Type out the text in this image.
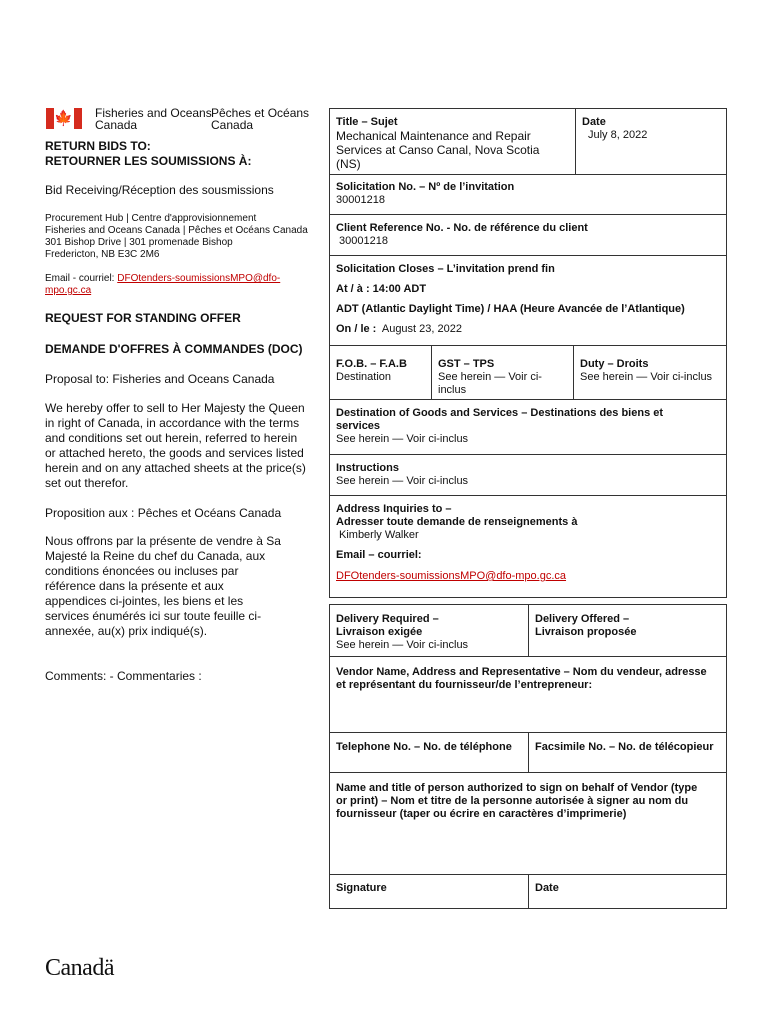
🍁 Fisheries and Oceans
Canada
Pêches et Océans
Canada
RETURN BIDS TO:
RETOURNER LES SOUMISSIONS À:
Bid Receiving/Réception des sousmissions
Procurement Hub | Centre d'approvisionnement
Fisheries and Oceans Canada | Pêches et Océans Canada
301 Bishop Drive | 301 promenade Bishop
Fredericton, NB E3C 2M6
Email - courriel: DFOtenders-soumissionsMPO@dfo-
mpo.gc.ca
REQUEST FOR STANDING OFFER
DEMANDE D'OFFRES À COMMANDES (DOC)
Proposal to: Fisheries and Oceans Canada
We hereby offer to sell to Her Majesty the Queen
in right of Canada, in accordance with the terms
and conditions set out herein, referred to herein
or attached hereto, the goods and services listed
herein and on any attached sheets at the price(s)
set out therefor.
Proposition aux : Pêches et Océans Canada
Nous offrons par la présente de vendre à Sa
Majesté la Reine du chef du Canada, aux
conditions énoncées ou incluses par
référence dans la présente et aux
appendices ci-jointes, les biens et les
services énumérés ici sur toute feuille ci-
annexée, au(x) prix indiqué(s).
Comments: - Commentaries :
Title – Sujet
Mechanical Maintenance and Repair
Services at Canso Canal, Nova Scotia
(NS)
Date
July 8, 2022
Solicitation No. – Nº de l’invitation
30001218
Client Reference No. - No. de référence du client
30001218
Solicitation Closes – L’invitation prend fin
At / à : 14:00 ADT
ADT (Atlantic Daylight Time) / HAA (Heure Avancée de l’Atlantique)
On / le : August 23, 2022
F.O.B. – F.A.B
Destination
GST – TPS
See herein — Voir ci-
inclus
Duty – Droits
See herein — Voir ci-inclus
Destination of Goods and Services – Destinations des biens et
services
See herein — Voir ci-inclus
Instructions
See herein — Voir ci-inclus
Address Inquiries to –
Adresser toute demande de renseignements à
Kimberly Walker
Email – courriel:
DFOtenders-soumissionsMPO@dfo-mpo.gc.ca
Delivery Required –
Livraison exigée
See herein — Voir ci-inclus
Delivery Offered –
Livraison proposée
Vendor Name, Address and Representative – Nom du vendeur, adresse
et représentant du fournisseur/de l’entrepreneur:
Telephone No. – No. de téléphone	Facsimile No. – No. de télécopieur
Name and title of person authorized to sign on behalf of Vendor (type
or print) – Nom et titre de la personne autorisée à signer au nom du
fournisseur (taper ou écrire en caractères d’imprimerie)
Signature	Date
Canadä
